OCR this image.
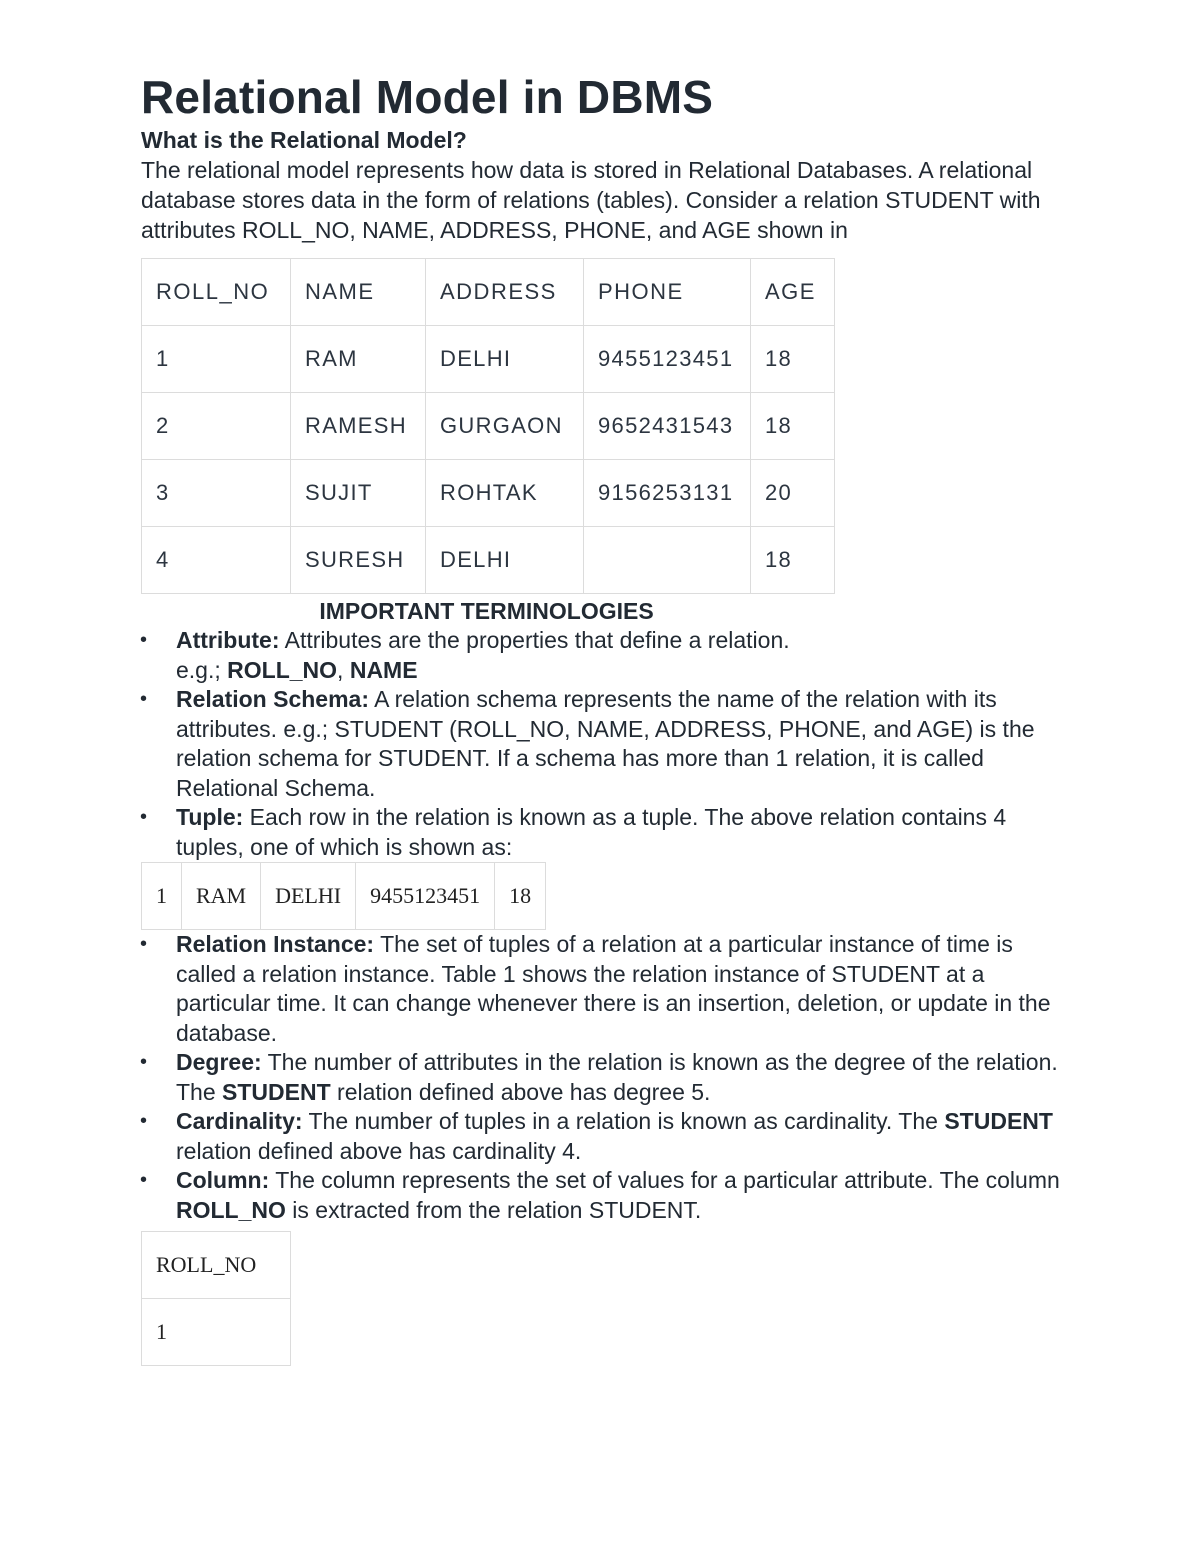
Relational Model in DBMS
What is the Relational Model?

The relational model represents how data is stored in Relational Databases. A relational database stores data in the form of relations (tables). Consider a relation STUDENT with attributes ROLL_NO, NAME, ADDRESS, PHONE, and AGE shown in

ROLL_NO	NAME	ADDRESS	PHONE	AGE
1	RAM	DELHI	9455123451	18
2	RAMESH	GURGAON	9652431543	18
3	SUJIT	ROHTAK	9156253131	20
4	SURESH	DELHI		18
IMPORTANT TERMINOLOGIES
• Attribute: Attributes are the properties that define a relation.
e.g.; ROLL_NO, NAME
• Relation Schema: A relation schema represents the name of the relation with its attributes. e.g.; STUDENT (ROLL_NO, NAME, ADDRESS, PHONE, and AGE) is the relation schema for STUDENT. If a schema has more than 1 relation, it is called Relational Schema.
• Tuple: Each row in the relation is known as a tuple. The above relation contains 4 tuples, one of which is shown as:
1	RAM	DELHI	9455123451	18
• Relation Instance: The set of tuples of a relation at a particular instance of time is called a relation instance. Table 1 shows the relation instance of STUDENT at a particular time. It can change whenever there is an insertion, deletion, or update in the database.
• Degree: The number of attributes in the relation is known as the degree of the relation. The STUDENT relation defined above has degree 5.
• Cardinality: The number of tuples in a relation is known as cardinality. The STUDENT relation defined above has cardinality 4.
• Column: The column represents the set of values for a particular attribute. The column ROLL_NO is extracted from the relation STUDENT.
ROLL_NO
1
